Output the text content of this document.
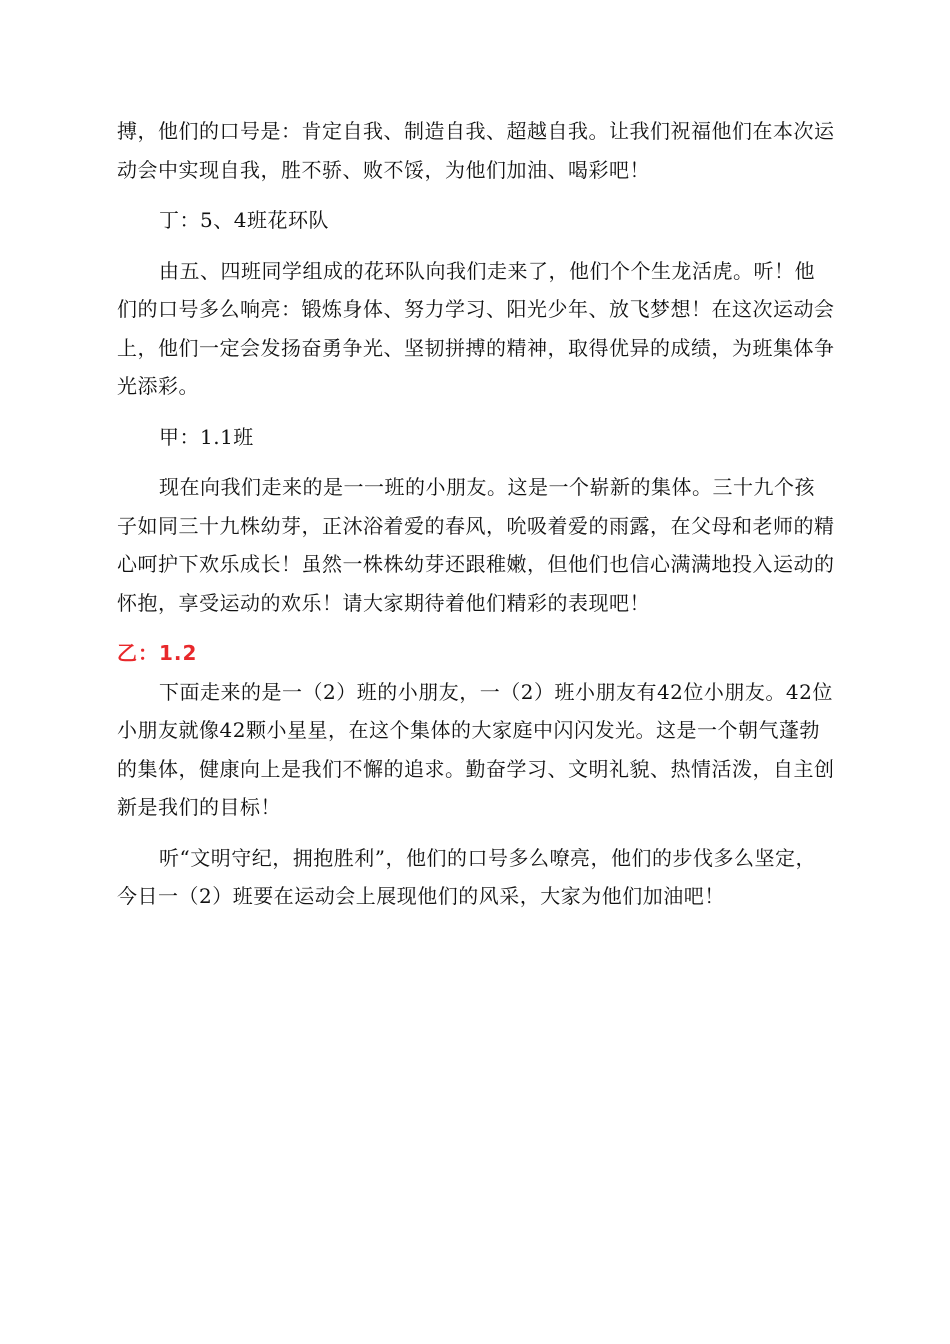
搏，他们的口号是：肯定自我、制造自我、超越自我。让我们祝福他们在本次运动会中实现自我，胜不骄、败不馁，为他们加油、喝彩吧！

丁：5、4班花环队

由五、四班同学组成的花环队向我们走来了，他们个个生龙活虎。听！他们的口号多么响亮：锻炼身体、努力学习、阳光少年、放飞梦想！在这次运动会上，他们一定会发扬奋勇争光、坚韧拼搏的精神，取得优异的成绩，为班集体争光添彩。

甲：1.1班

现在向我们走来的是一一班的小朋友。这是一个崭新的集体。三十九个孩子如同三十九株幼芽，正沐浴着爱的春风，吮吸着爱的雨露，在父母和老师的精心呵护下欢乐成长！虽然一株株幼芽还跟稚嫩，但他们也信心满满地投入运动的怀抱，享受运动的欢乐！请大家期待着他们精彩的表现吧！

乙：1.2

下面走来的是一（2）班的小朋友，一（2）班小朋友有42位小朋友。42位小朋友就像42颗小星星，在这个集体的大家庭中闪闪发光。这是一个朝气蓬勃的集体，健康向上是我们不懈的追求。勤奋学习、文明礼貌、热情活泼，自主创新是我们的目标！

听“文明守纪，拥抱胜利”，他们的口号多么嘹亮，他们的步伐多么坚定，今日一（2）班要在运动会上展现他们的风采，大家为他们加油吧！
